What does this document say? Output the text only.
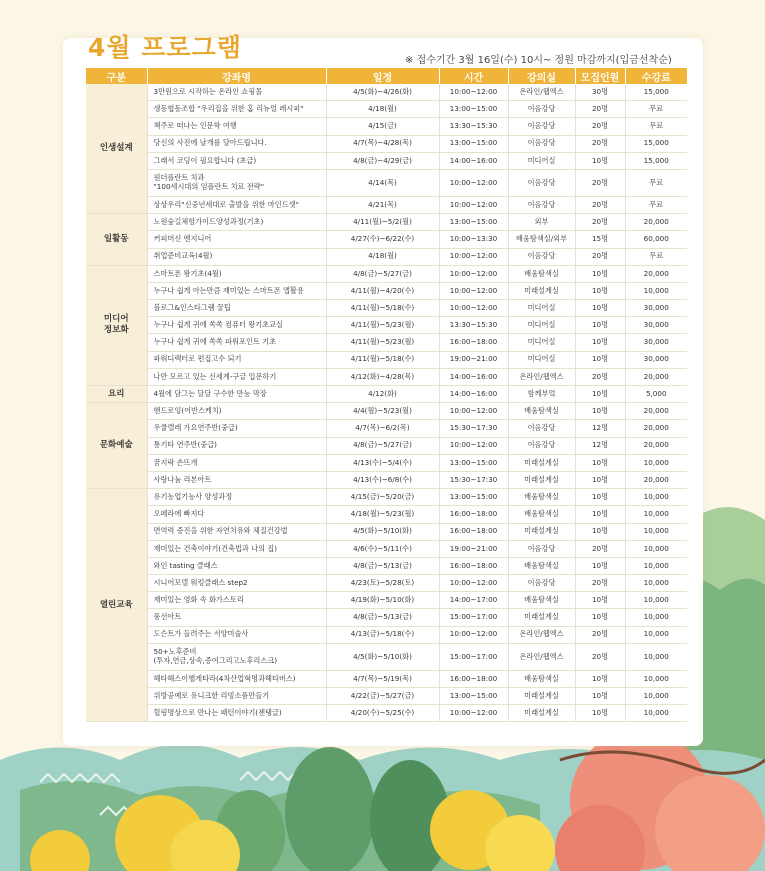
4월 프로그램	※ 접수기간 3월 16일(수) 10시~ 정원 마감까지(입금선착순)
구분	강좌명	일정	시간	강의실	모집인원	수강료
인생설계	3만원으로 시작하는 온라인 쇼핑몰	4/5(화)~4/26(화)	10:00~12:00	온라인/웹엑스	30명	15,000
	생동협동조합 "우리집을 위한 홈 리뉴얼 레시피"	4/18(월)	13:00~15:00	이음강당	20명	무료
	책주로 떠나는 인문학 여행	4/15(금)	13:30~15:30	이음강당	20명	무료
	당신의 사진에 날개를 달아드립니다.	4/7(목)~4/28(목)	13:00~15:00	이음강당	20명	15,000
	그래서 코딩이 필요합니다 (초급)	4/8(금)~4/29(금)	14:00~16:00	미디어실	10명	15,000
	원더플란트 치과
"100세시대의 임플란트 치료 전략"	4/14(목)	10:00~12:00	이음강당	20명	무료
	상상우리"신중년세대로 출발을 위한 마인드셋"	4/21(목)	10:00~12:00	이음강당	20명	무료
일활동	노원숲길체험가이드양성과정(기초)	4/11(월)~5/2(월)	13:00~15:00	외부	20명	20,000
	커피머신 엔지니어	4/27(수)~6/22(수)	10:00~13:30	배움탐색실/외부	15명	60,000
	취업준비교육(4월)	4/18(월)	10:00~12:00	이음강당	20명	무료
미디어
정보화	스마트폰 왕기초(4월)	4/8(금)~5/27(금)	10:00~12:00	배움탐색실	10명	20,000
	누구나 쉽게 아는만큼 재미있는 스마트폰 앱활용	4/11(월)~4/20(수)	10:00~12:00	미래설계실	10명	10,000
	블로그&인스타그램 꿀팁	4/11(월)~5/18(수)	10:00~12:00	미디어실	10명	30,000
	누구나 쉽게 귀에 쏙쏙 컴퓨터 왕기초교실	4/11(월)~5/23(월)	13:30~15:30	미디어실	10명	30,000
	누구나 쉽게 귀에 쏙쏙 파워포인트 기초	4/11(월)~5/23(월)	16:00~18:00	미디어실	10명	30,000
	파워디렉터로 편집고수 되기	4/11(월)~5/18(수)	19:00~21:00	미디어실	10명	30,000
	나만 모르고 있는 신세계-구글 입문하기	4/12(화)~4/28(목)	14:00~16:00	온라인/웹엑스	20명	20,000
요리	4월에 담그는 달달 구수한 만능 막장	4/12(화)	14:00~16:00	함께부엌	10명	5,000
문화예술	핸드로잉(어반스케치)	4/4(월)~5/23(월)	10:00~12:00	배움탐색실	10명	20,000
	우쿨렐레 가요연주반(중급)	4/7(목)~6/2(목)	15:30~17:30	이음강당	12명	20,000
	통기타 연주반(중급)	4/8(금)~5/27(금)	10:00~12:00	이음강당	12명	20,000
	꿈지락 손뜨개	4/13(수)~5/4(수)	13:00~15:00	미래설계실	10명	10,000
	사랑나눔 리본아트	4/13(수)~6/8(수)	15:30~17:30	미래설계실	10명	20,000
열린교육	유기농업기능사 양성과정	4/15(금)~5/20(금)	13:00~15:00	배움탐색실	10명	10,000
	오페라에 빠지다	4/18(월)~5/23(월)	16:00~18:00	배움탐색실	10명	10,000
	면역력 증진을 위한 자연치유와 체질건강법	4/5(화)~5/10(화)	16:00~18:00	미래설계실	10명	10,000
	재미있는 건축이야기(건축법과 나의 집)	4/6(수)~5/11(수)	19:00~21:00	이음강당	20명	10,000
	와인 tasting 클래스	4/8(금)~5/13(금)	16:00~18:00	배움탐색실	10명	10,000
	시니어모델 워킹클래스 step2	4/23(토)~5/28(토)	10:00~12:00	이음강당	20명	10,000
	재미있는 영화 속 화가스토리	4/19(화)~5/10(화)	14:00~17:00	배움탐색실	10명	10,000
	풍선아트	4/8(금)~5/13(금)	15:00~17:00	미래설계실	10명	10,000
	도슨트가 들려주는 서양미술사	4/13(금)~5/18(수)	10:00~12:00	온라인/웹엑스	20명	10,000
	50+노후준비
(투자,연금,상속,증여그리고노후리스크)	4/5(화)~5/10(화)	15:00~17:00	온라인/웹엑스	20명	10,000
	헤타헤스이헬게타라(4차산업혁명과헤타버스)	4/7(목)~5/19(목)	16:00~18:00	배움탐색실	10명	10,000
	위방공예로 유니크한 리빙소품만들기	4/22(금)~5/27(금)	13:00~15:00	미래설계실	10명	10,000
	힐링명상으로 만나는 패턴이야기(젠탱글)	4/20(수)~5/25(수)	10:00~12:00	미래설계실	10명	10,000
